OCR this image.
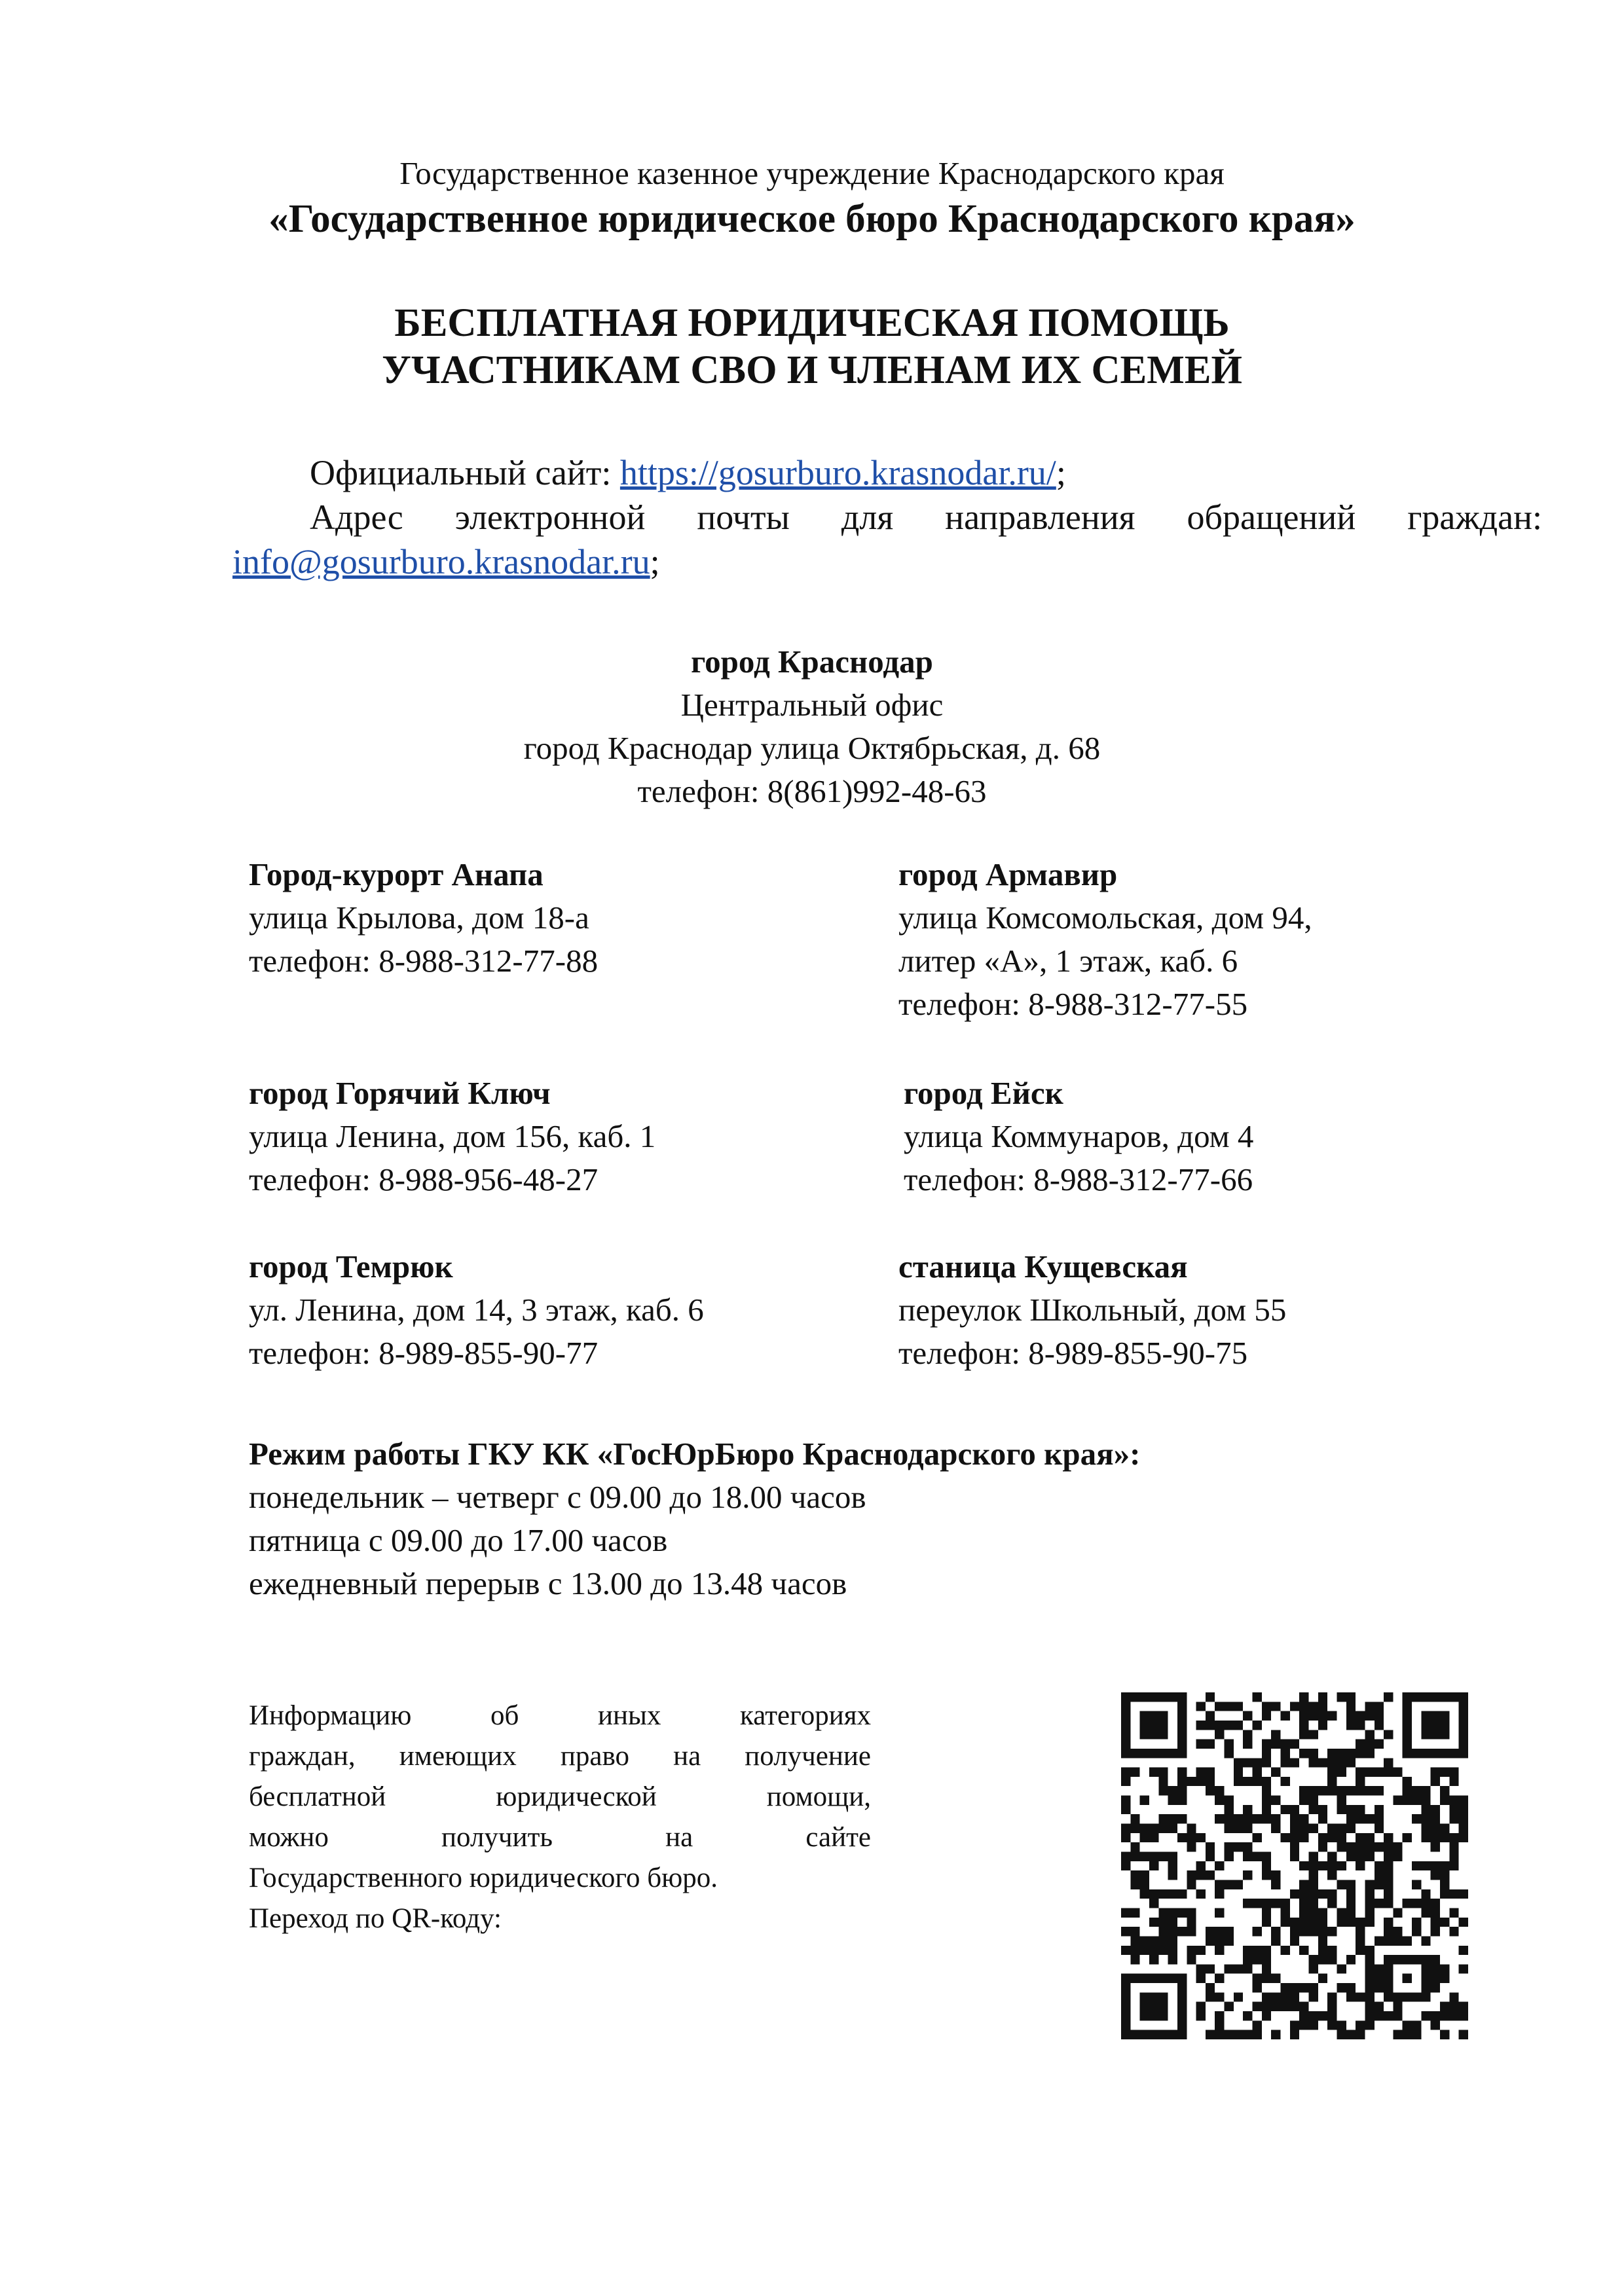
Государственное казенное учреждение Краснодарского края
«Государственное юридическое бюро Краснодарского края»
БЕСПЛАТНАЯ ЮРИДИЧЕСКАЯ ПОМОЩЬ
УЧАСТНИКАМ СВО И ЧЛЕНАМ ИХ СЕМЕЙ
Официальный сайт: https://gosurburo.krasnodar.ru/;
Адрес электронной почты для направления обращений граждан:
info@gosurburo.krasnodar.ru;
город Краснодар
Центральный офис
город Краснодар улица Октябрьская, д. 68
телефон: 8(861)992-48-63
Город-курорт Анапа
улица Крылова, дом 18-а
телефон: 8-988-312-77-88
город Армавир
улица Комсомольская, дом 94,
литер «А», 1 этаж, каб. 6
телефон: 8-988-312-77-55
город Горячий Ключ
улица Ленина, дом 156, каб. 1
телефон: 8-988-956-48-27
город Ейск
улица Коммунаров, дом 4
телефон: 8-988-312-77-66
город Темрюк
ул. Ленина, дом 14, 3 этаж, каб. 6
телефон: 8-989-855-90-77
станица Кущевская
переулок Школьный, дом 55
телефон: 8-989-855-90-75
Режим работы ГКУ КК «ГосЮрБюро Краснодарского края»:
понедельник – четверг с 09.00 до 18.00 часов
пятница с 09.00 до 17.00 часов
ежедневный перерыв с 13.00 до 13.48 часов
Информацию об иных категориях
граждан, имеющих право на получение
бесплатной юридической помощи,
можно получить на сайте
Государственного юридического бюро.
Переход по QR-коду:
